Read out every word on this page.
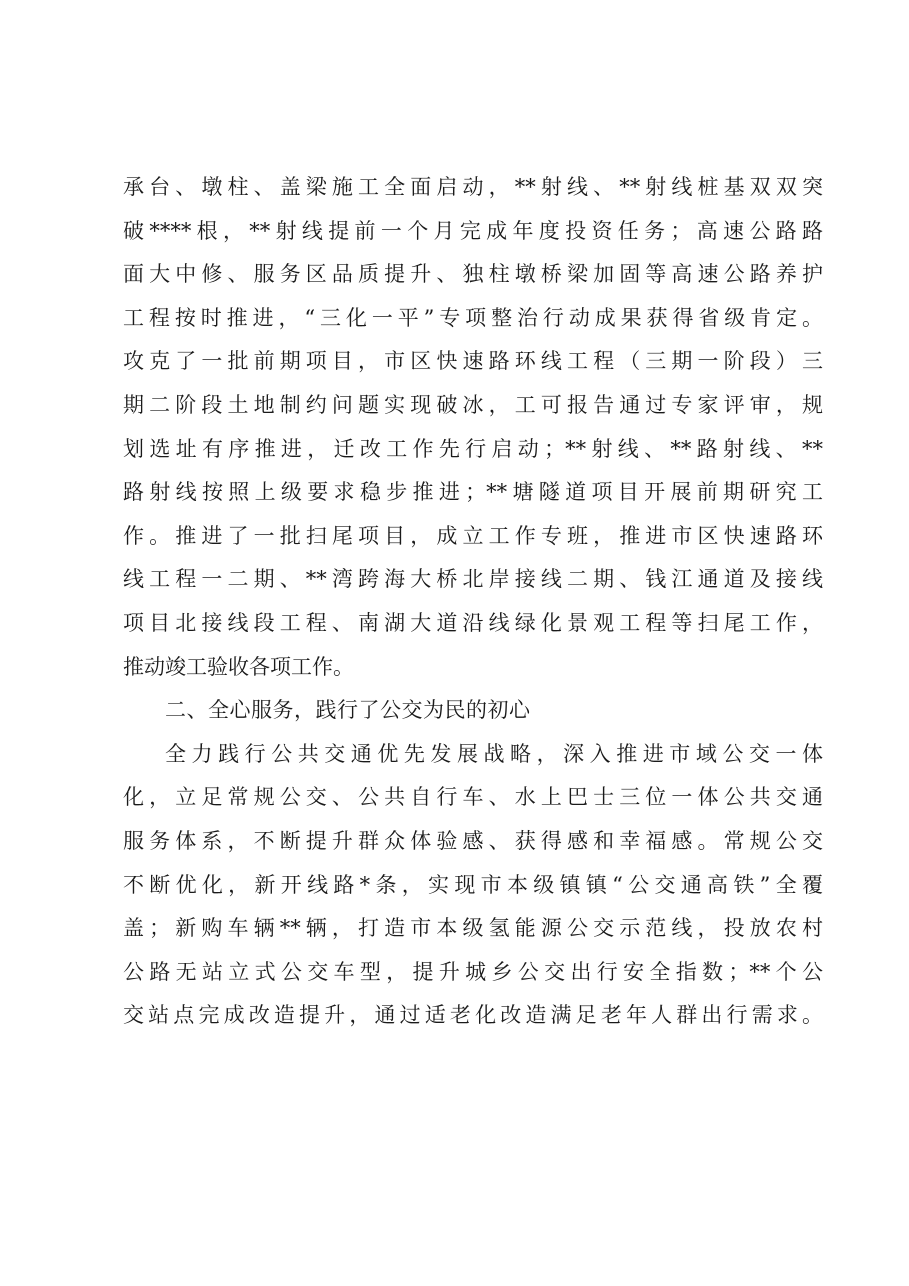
承台、墩柱、盖梁施工全面启动，**射线、**射线桩基双双突
破****根，**射线提前一个月完成年度投资任务；高速公路路
面大中修、服务区品质提升、独柱墩桥梁加固等高速公路养护
工程按时推进，“三化一平”专项整治行动成果获得省级肯定。
攻克了一批前期项目，市区快速路环线工程（三期一阶段）三
期二阶段土地制约问题实现破冰，工可报告通过专家评审，规
划选址有序推进，迁改工作先行启动；**射线、**路射线、**
路射线按照上级要求稳步推进；**塘隧道项目开展前期研究工
作。推进了一批扫尾项目，成立工作专班，推进市区快速路环
线工程一二期、**湾跨海大桥北岸接线二期、钱江通道及接线
项目北接线段工程、南湖大道沿线绿化景观工程等扫尾工作，
推动竣工验收各项工作。
二、全心服务，践行了公交为民的初心
全力践行公共交通优先发展战略，深入推进市域公交一体
化，立足常规公交、公共自行车、水上巴士三位一体公共交通
服务体系，不断提升群众体验感、获得感和幸福感。常规公交
不断优化，新开线路*条，实现市本级镇镇“公交通高铁”全覆
盖；新购车辆**辆，打造市本级氢能源公交示范线，投放农村
公路无站立式公交车型，提升城乡公交出行安全指数；**个公
交站点完成改造提升，通过适老化改造满足老年人群出行需求。
